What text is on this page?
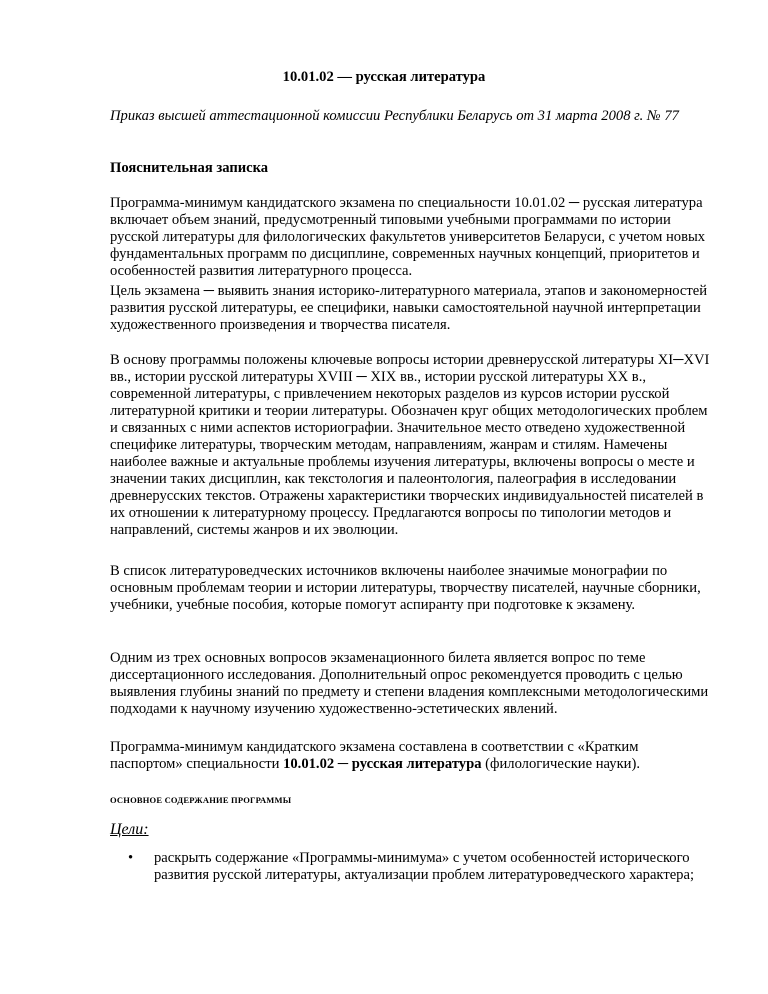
10.01.02 — русская литература

Приказ высшей аттестационной комиссии Республики Беларусь от 31 марта 2008 г. № 77

Пояснительная записка

Программа-минимум кандидатского экзамена по специальности 10.01.02 ─ русская литература включает объем знаний, предусмотренный типовыми учебными программами по истории русской литературы для филологических факультетов университетов Беларуси, с учетом новых фундаментальных программ по дисциплине, современных научных концепций, приоритетов и особенностей развития литературного процесса.

Цель экзамена ─ выявить знания историко-литературного материала, этапов и закономерностей развития русской литературы, ее специфики, навыки самостоятельной научной интерпретации художественного произведения и творчества писателя.

В основу программы положены ключевые вопросы истории древнерусской литературы XI─XVI вв., истории русской литературы XVIII ─ XIX вв., истории русской литературы XX в., современной литературы, с привлечением некоторых разделов из курсов истории русской литературной критики и теории литературы. Обозначен круг общих методологических проблем и связанных с ними аспектов историографии. Значительное место отведено художественной специфике литературы, творческим методам, направлениям, жанрам и стилям. Намечены наиболее важные и актуальные проблемы изучения литературы, включены вопросы о месте и значении таких дисциплин, как текстология и палеонтология, палеография в исследовании древнерусских текстов. Отражены характеристики творческих индивидуальностей писателей в их отношении к литературному процессу. Предлагаются вопросы по типологии методов и направлений, системы жанров и их эволюции.

В список литературоведческих источников включены наиболее значимые монографии по основным проблемам теории и истории литературы, творчеству писателей, научные сборники, учебники, учебные пособия, которые помогут аспиранту при подготовке к экзамену.

Одним из трех основных вопросов экзаменационного билета является вопрос по теме диссертационного исследования. Дополнительный опрос рекомендуется проводить с целью выявления глубины знаний по предмету и степени владения комплексными методологическими подходами к научному изучению художественно-эстетических явлений.

Программа-минимум кандидатского экзамена составлена в соответствии с «Кратким паспортом» специальности 10.01.02 ─ русская литература (филологические науки).

ОСНОВНОЕ СОДЕРЖАНИЕ ПРОГРАММЫ

Цели:

• раскрыть содержание «Программы-минимума» с учетом особенностей исторического развития русской литературы, актуализации проблем литературоведческого характера;
